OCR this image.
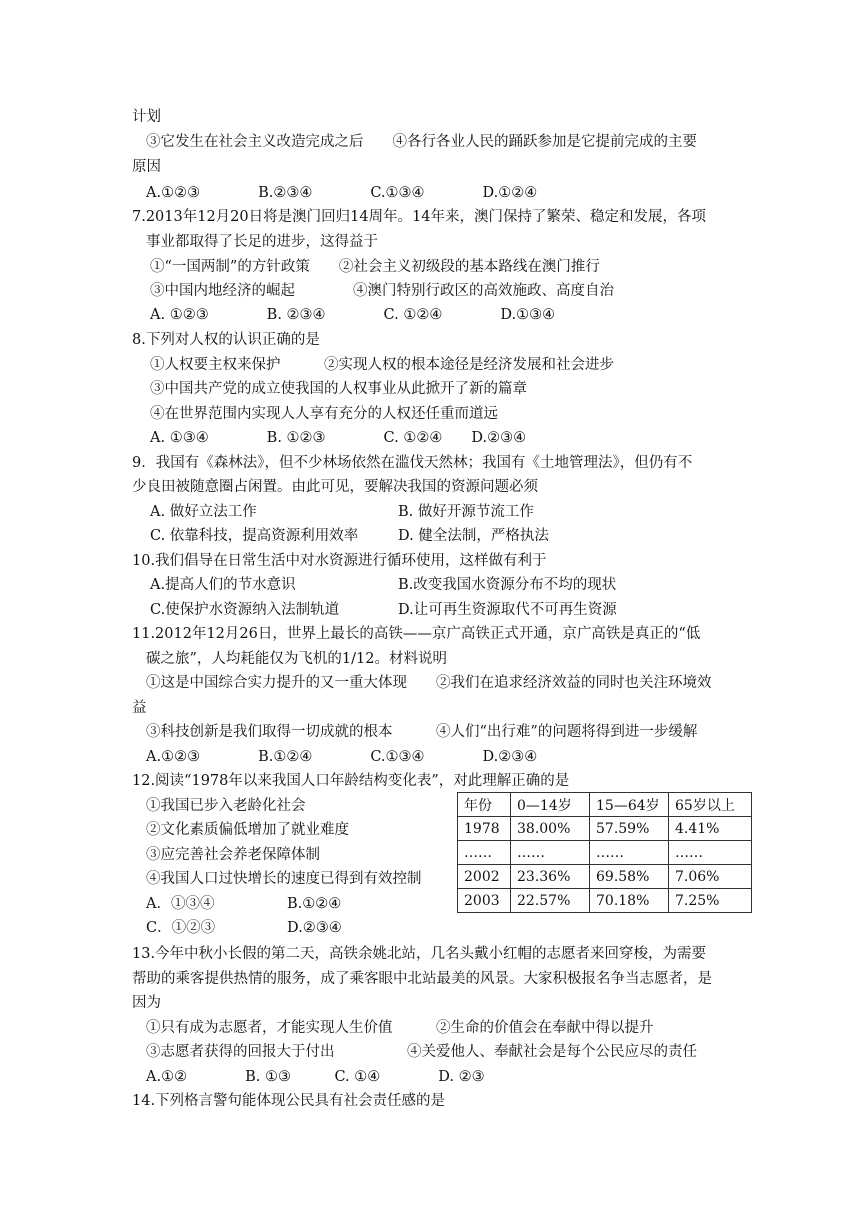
计划
③它发生在社会主义改造完成之后　　④各行各业人民的踊跃参加是它提前完成的主要
原因
A.①②③　　　　B.②③④　　　　C.①③④　　　　D.①②④
7.2013年12月20日将是澳门回归14周年。14年来，澳门保持了繁荣、稳定和发展，各项
事业都取得了长足的进步，这得益于
①“一国两制”的方针政策　　②社会主义初级段的基本路线在澳门推行
③中国内地经济的崛起　　　　④澳门特别行政区的高效施政、高度自治
A. ①②③　　　　B. ②③④　　　　C. ①②④　　　　D.①③④
8.下列对人权的认识正确的是
①人权要主权来保护　　　②实现人权的根本途径是经济发展和社会进步
③中国共产党的成立使我国的人权事业从此掀开了新的篇章
④在世界范围内实现人人享有充分的人权还任重而道远
A. ①③④　　　　B. ①②③　　　　C. ①②④　　D.②③④
9．我国有《森林法》，但不少林场依然在滥伐天然林；我国有《土地管理法》，但仍有不
少良田被随意圈占闲置。由此可见，要解决我国的资源问题必须
A. 做好立法工作	B. 做好开源节流工作
C. 依靠科技，提高资源利用效率	D. 健全法制，严格执法
10.我们倡导在日常生活中对水资源进行循环使用，这样做有利于
A.提高人们的节水意识	B.改变我国水资源分布不均的现状
C.使保护水资源纳入法制轨道	D.让可再生资源取代不可再生资源
11.2012年12月26日，世界上最长的高铁——京广高铁正式开通，京广高铁是真正的“低
碳之旅”，人均耗能仅为飞机的1/12。材料说明
①这是中国综合实力提升的又一重大体现　　②我们在追求经济效益的同时也关注环境效
益
③科技创新是我们取得一切成就的根本　　　④人们“出行难”的问题将得到进一步缓解
A.①②③　　　　B.①②④　　　　C.①③④　　　　D.②③④
12.阅读“1978年以来我国人口年龄结构变化表”，对此理解正确的是
①我国已步入老龄化社会
②文化素质偏低增加了就业难度
③应完善社会养老保障体制
④我国人口过快增长的速度已得到有效控制
A．①③④	B.①②④
C．①②③	D.②③④
年份	0—14岁	15—64岁	65岁以上
1978	38.00%	57.59%	4.41%
……	……	……	……
2002	23.36%	69.58%	7.06%
2003	22.57%	70.18%	7.25%
13.今年中秋小长假的第二天，高铁余姚北站，几名头戴小红帽的志愿者来回穿梭，为需要
帮助的乘客提供热情的服务，成了乘客眼中北站最美的风景。大家积极报名争当志愿者，是
因为
①只有成为志愿者，才能实现人生价值　　　②生命的价值会在奉献中得以提升
③志愿者获得的回报大于付出　　　　　④关爱他人、奉献社会是每个公民应尽的责任
A.①②　　　　B. ①③　　　C. ①④　　　　D. ②③
14.下列格言警句能体现公民具有社会责任感的是
